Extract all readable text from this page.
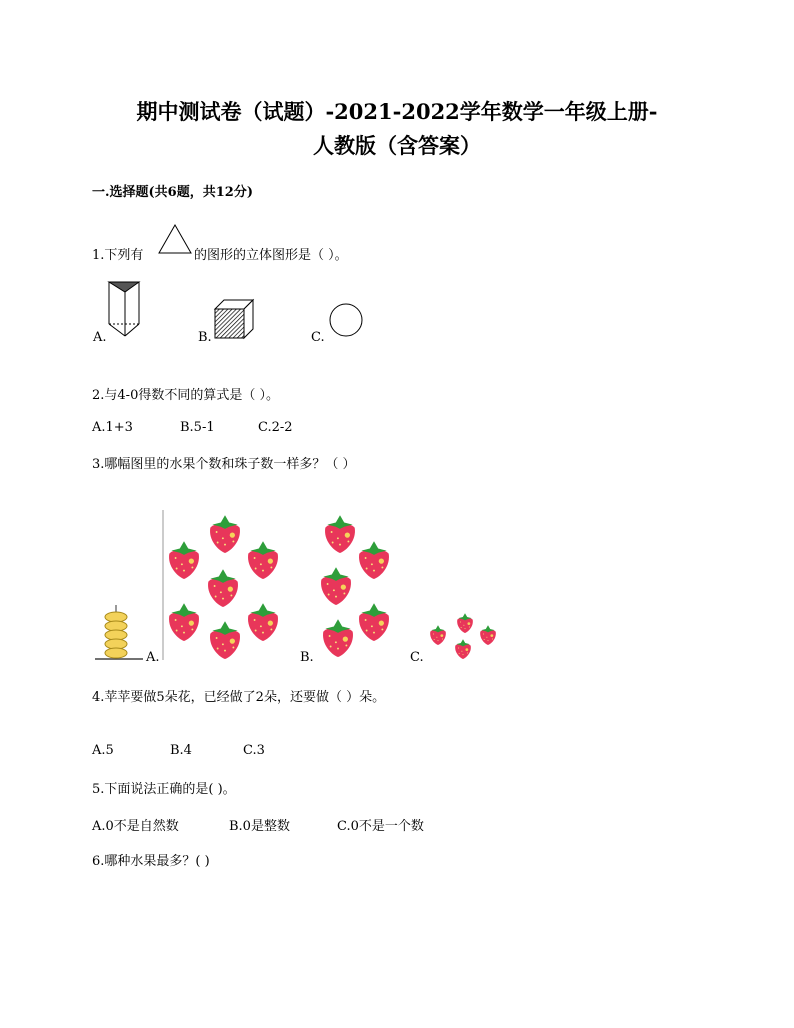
期中测试卷（试题）-2021-2022学年数学一年级上册-
人教版（含答案）
一.选择题(共6题，共12分)
1.下列有	的图形的立体图形是（ ）。
A.	B.	C.
2.与4-0得数不同的算式是（ ）。
A.1+3	B.5-1	C.2-2
3.哪幅图里的水果个数和珠子数一样多？（ ）
A.	B.	C.
4.苹苹要做5朵花，已经做了2朵，还要做（ ）朵。
A.5	B.4	C.3
5.下面说法正确的是( )。
A.0不是自然数	B.0是整数	C.0不是一个数
6.哪种水果最多？( )
